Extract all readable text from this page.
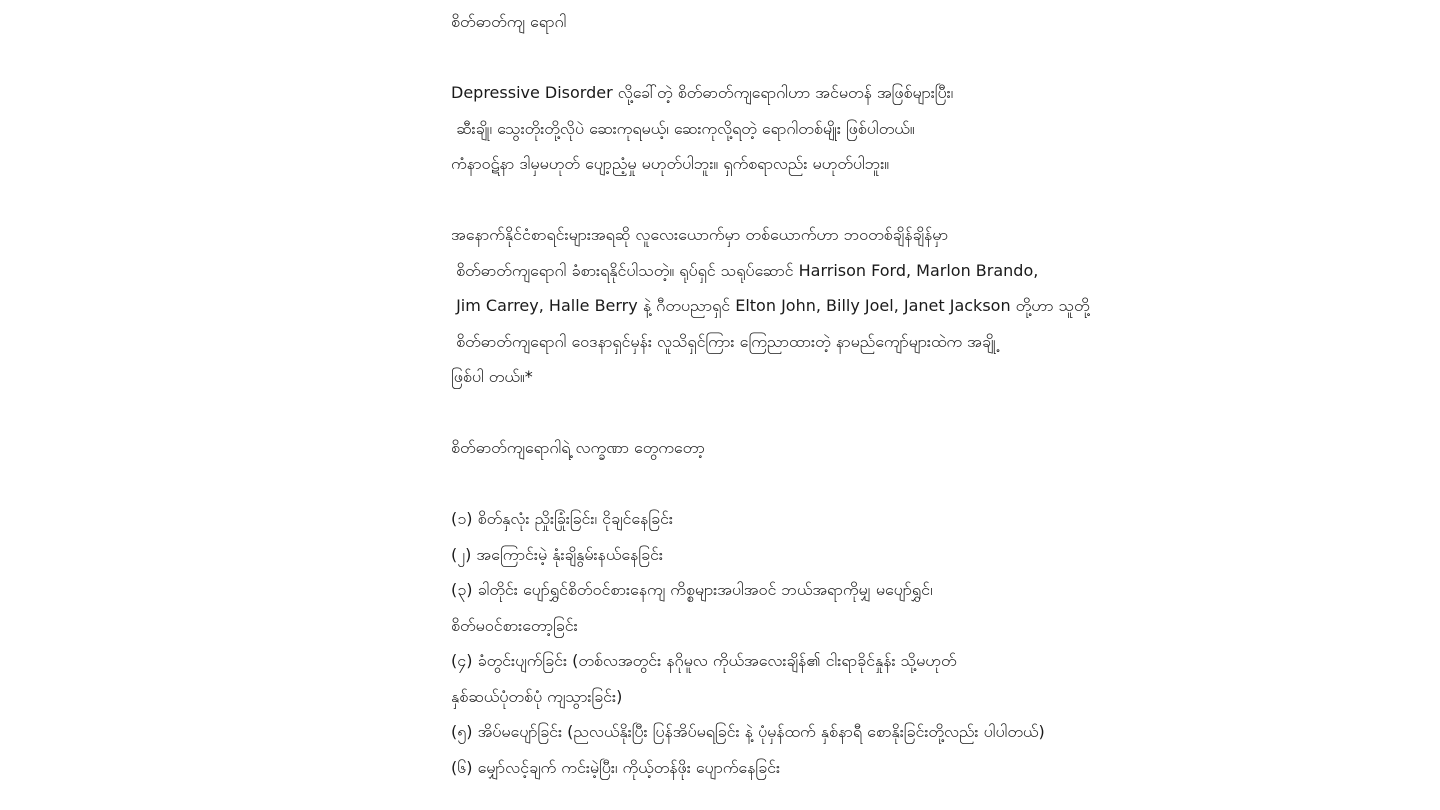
စိတ်ဓာတ်ကျ ရောဂါ
Depressive Disorder လို့ခေါ်တဲ့ စိတ်ဓာတ်ကျရောဂါဟာ အင်မတန် အဖြစ်များပြီး၊
ဆီးချို၊ သွေးတိုးတို့လိုပဲ ဆေးကုရမယ့်၊ ဆေးကုလို့ရတဲ့ ရောဂါတစ်မျိုး ဖြစ်ပါတယ်။
ကံနာဝဋ်နာ ဒါမှမဟုတ် ပျော့ညံ့မှု မဟုတ်ပါဘူး။ ရှက်စရာလည်း မဟုတ်ပါဘူး။
အနောက်နိုင်ငံစာရင်းများအရဆို လူလေးယောက်မှာ တစ်ယောက်ဟာ ဘဝတစ်ချိန်ချိန်မှာ
စိတ်ဓာတ်ကျရောဂါ ခံစားရနိုင်ပါသတဲ့။ ရုပ်ရှင် သရုပ်ဆောင် Harrison Ford, Marlon Brando,
Jim Carrey, Halle Berry နဲ့ ဂီတပညာရှင် Elton John, Billy Joel, Janet Jackson တို့ဟာ သူတို့
စိတ်ဓာတ်ကျရောဂါ ဝေဒနာရှင်မှန်း လူသိရှင်ကြား ကြေညာထားတဲ့ နာမည်ကျော်များထဲက အချို့
ဖြစ်ပါ တယ်။*
စိတ်ဓာတ်ကျရောဂါရဲ့ လက္ခဏာ တွေကတော့
(၁) စိတ်နှလုံး ညှိုးခြုံးခြင်း၊ ငိုချင်နေခြင်း
(၂) အကြောင်းမဲ့ နုံးချိနွမ်းနယ်နေခြင်း
(၃) ခါတိုင်း ပျော်ရွှင်စိတ်ဝင်စားနေကျ ကိစ္စများအပါအဝင် ဘယ်အရာကိုမျှ မပျော်ရွှင်၊
စိတ်မဝင်စားတော့ခြင်း
(၄) ခံတွင်းပျက်ခြင်း (တစ်လအတွင်း နဂိုမူလ ကိုယ်အလေးချိန်၏ ငါးရာခိုင်နှုန်း သို့မဟုတ်
နှစ်ဆယ်ပုံတစ်ပုံ ကျသွားခြင်း)
(၅) အိပ်မပျော်ခြင်း (ညလယ်နိုးပြီး ပြန်အိပ်မရခြင်း နဲ့ ပုံမှန်ထက် နှစ်နာရီ စောနိုးခြင်းတို့လည်း ပါပါတယ်)
(၆) မျှော်လင့်ချက် ကင်းမဲ့ပြီး၊ ကိုယ့်တန်ဖိုး ပျောက်နေခြင်း
